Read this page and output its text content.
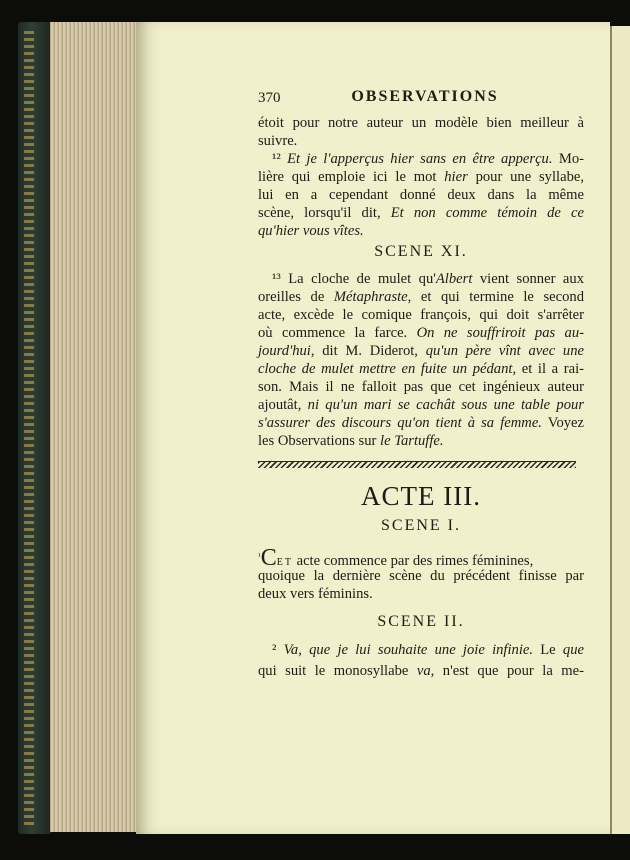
370	OBSERVATIONS
étoit pour notre auteur un modèle bien meilleur à
suivre.
¹² Et je l'apperçus hier sans en être apperçu. Mo-
lière qui emploie ici le mot hier pour une syllabe,
lui en a cependant donné deux dans la même
scène, lorsqu'il dit, Et non comme témoin de ce
qu'hier vous vîtes.
¹³ La cloche de mulet qu'Albert vient sonner aux
oreilles de Métaphraste, et qui termine le second
acte, excède le comique françois, qui doit s'arrêter
où commence la farce. On ne souffriroit pas au-
jourd'hui, dit M. Diderot, qu'un père vînt avec une
cloche de mulet mettre en fuite un pédant, et il a rai-
son. Mais il ne falloit pas que cet ingénieux auteur
ajoutât, ni qu'un mari se cachât sous une table pour
s'assurer des discours qu'on tient à sa femme. Voyez
les Observations sur le Tartuffe.
quoique la dernière scène du précédent finisse par
deux vers féminins.
² Va, que je lui souhaite une joie infinie. Le que
qui suit le monosyllabe va, n'est que pour la me-
SCENE XI.
ACTE III.
SCENE I.
$^{^1}$CET acte commence par des rimes féminines,
SCENE II.
